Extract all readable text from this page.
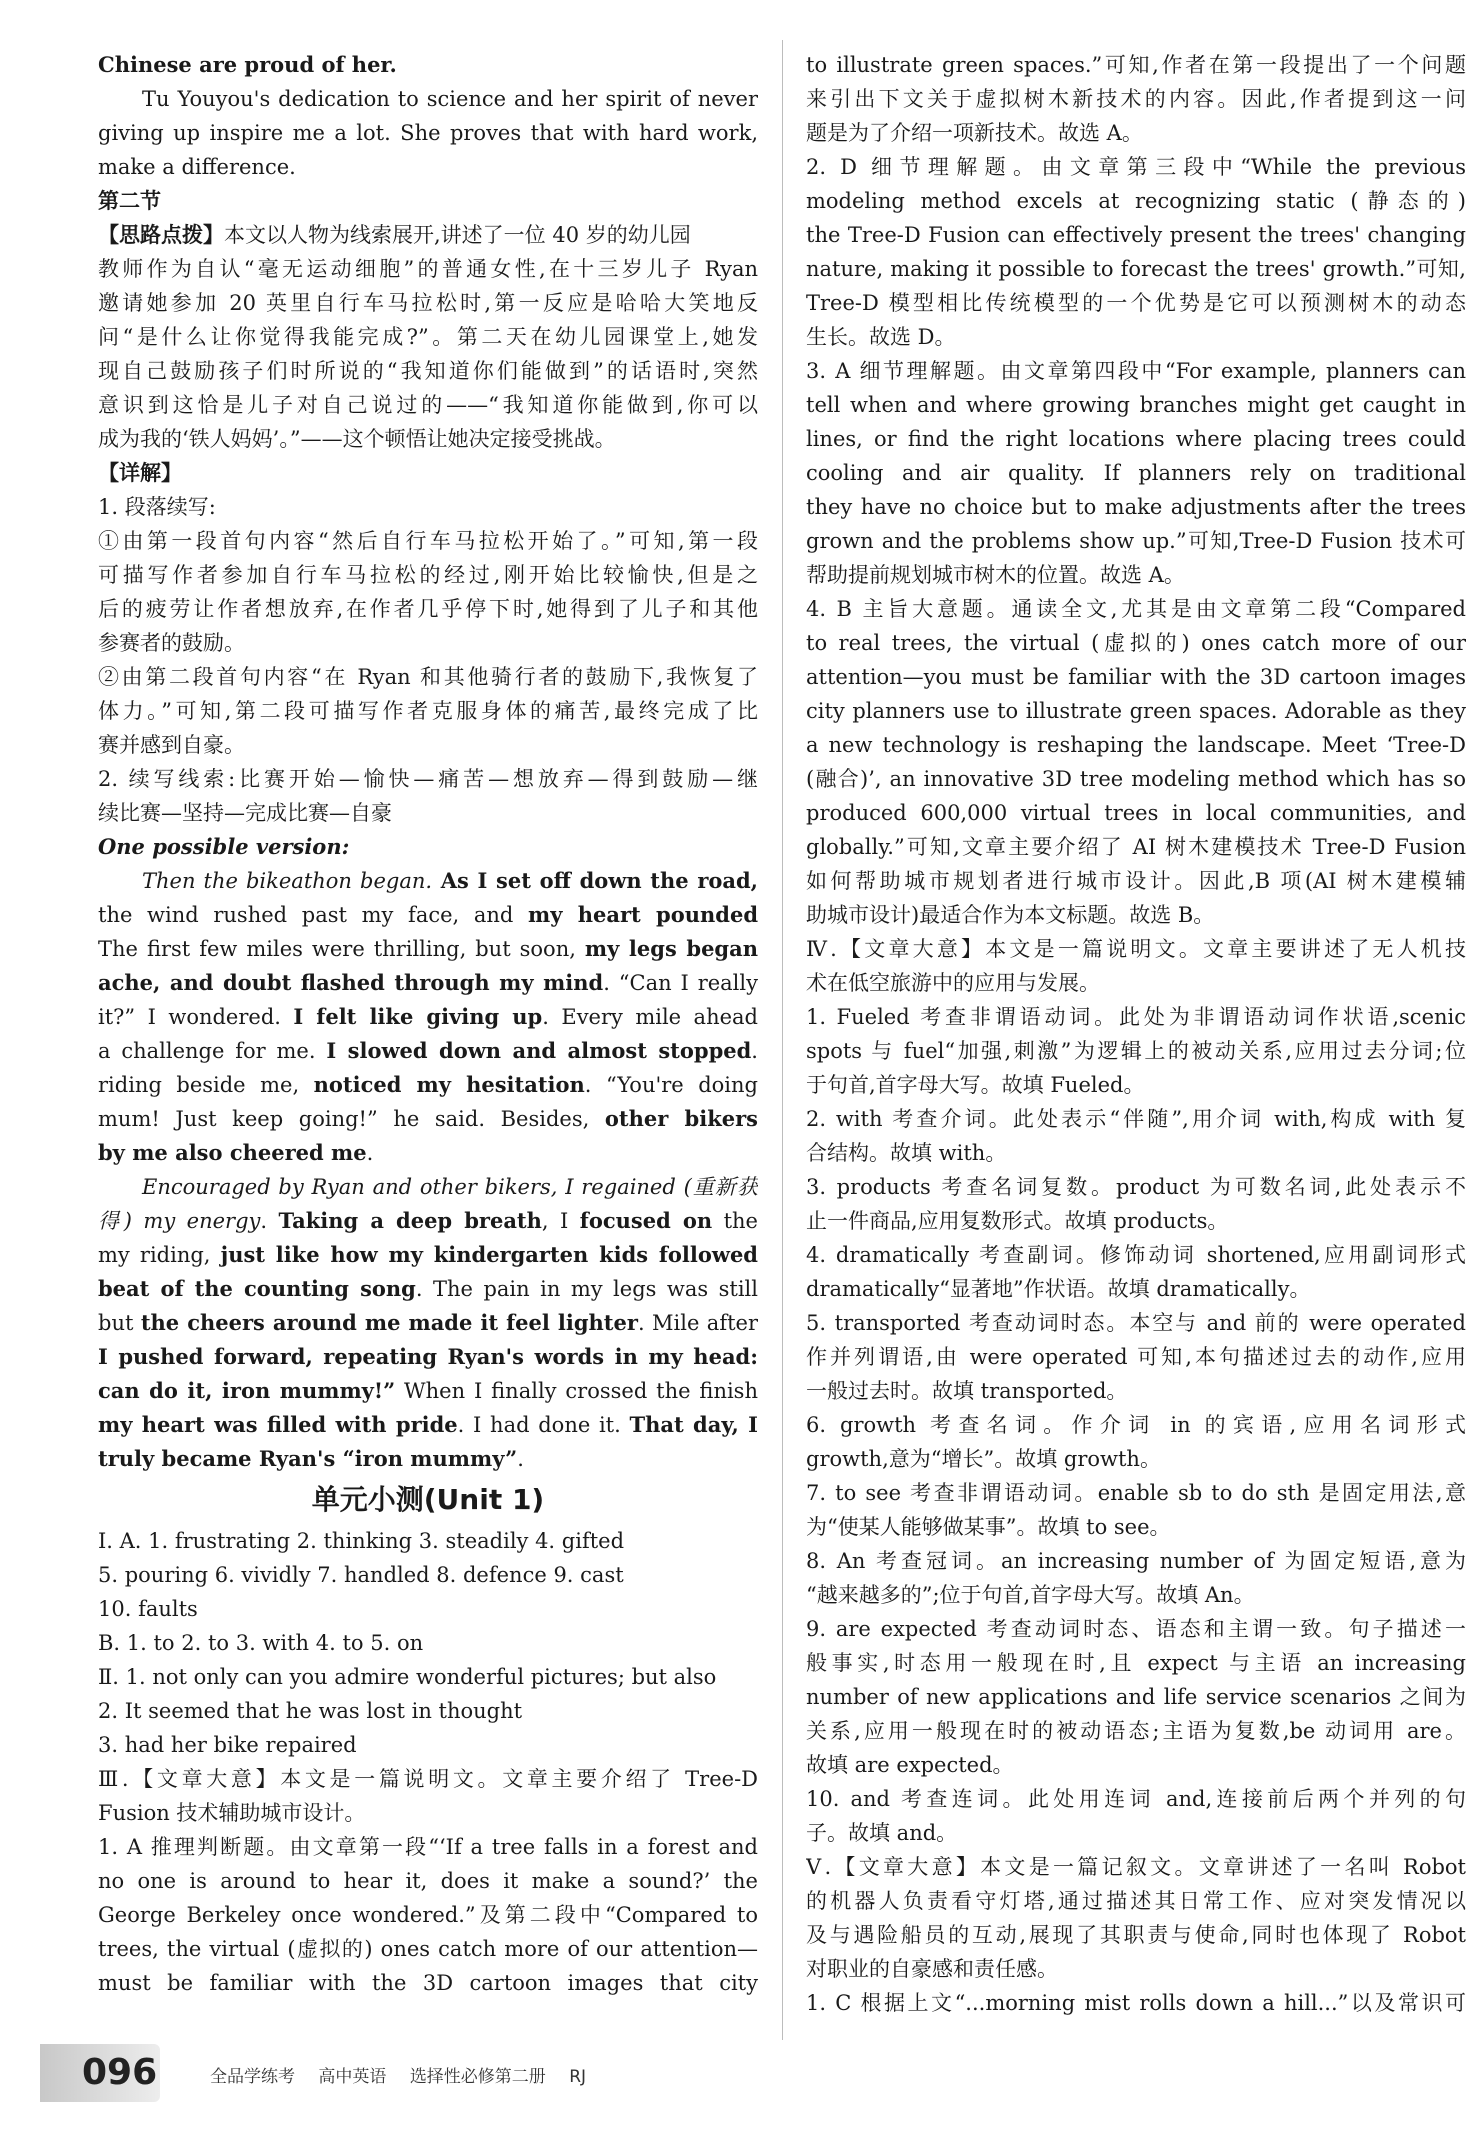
Chinese are proud of her.
Tu Youyou's dedication to science and her spirit of never
giving up inspire me a lot. She proves that with hard work,
make a difference.
第二节
【思路点拨】本文以人物为线索展开,讲述了一位 40 岁的幼儿园
教师作为自认“毫无运动细胞”的普通女性,在十三岁儿子 Ryan
邀请她参加 20 英里自行车马拉松时,第一反应是哈哈大笑地反
问“是什么让你觉得我能完成?”。第二天在幼儿园课堂上,她发
现自己鼓励孩子们时所说的“我知道你们能做到”的话语时,突然
意识到这恰是儿子对自己说过的——“我知道你能做到,你可以
成为我的‘铁人妈妈’。”——这个顿悟让她决定接受挑战。
【详解】
1. 段落续写:
①由第一段首句内容“然后自行车马拉松开始了。”可知,第一段
可描写作者参加自行车马拉松的经过,刚开始比较愉快,但是之
后的疲劳让作者想放弃,在作者几乎停下时,她得到了儿子和其他
参赛者的鼓励。
②由第二段首句内容“在 Ryan 和其他骑行者的鼓励下,我恢复了
体力。”可知,第二段可描写作者克服身体的痛苦,最终完成了比
赛并感到自豪。
2. 续写线索:比赛开始—愉快—痛苦—想放弃—得到鼓励—继
续比赛—坚持—完成比赛—自豪
One possible version:
Then the bikeathon began. As I set off down the road,
the wind rushed past my face, and my heart pounded
The first few miles were thrilling, but soon, my legs began
ache, and doubt flashed through my mind. “Can I really
it?” I wondered. I felt like giving up. Every mile ahead
a challenge for me. I slowed down and almost stopped.
riding beside me, noticed my hesitation. “You're doing
mum! Just keep going!” he said. Besides, other bikers
by me also cheered me.
Encouraged by Ryan and other bikers, I regained (重新获
得) my energy. Taking a deep breath, I focused on the
my riding, just like how my kindergarten kids followed
beat of the counting song. The pain in my legs was still
but the cheers around me made it feel lighter. Mile after
I pushed forward, repeating Ryan's words in my head:
can do it, iron mummy!” When I finally crossed the finish
my heart was filled with pride. I had done it. That day, I
truly became Ryan's “iron mummy”.
单元小测(Unit 1)
Ⅰ. A. 1. frustrating 2. thinking 3. steadily 4. gifted
5. pouring 6. vividly 7. handled 8. defence 9. cast
10. faults
B. 1. to 2. to 3. with 4. to 5. on
Ⅱ. 1. not only can you admire wonderful pictures; but also
2. It seemed that he was lost in thought
3. had her bike repaired
Ⅲ.【文章大意】本文是一篇说明文。文章主要介绍了 Tree-D
Fusion 技术辅助城市设计。
1. A 推理判断题。由文章第一段“‘If a tree falls in a forest and
no one is around to hear it, does it make a sound?’ the
George Berkeley once wondered.”及第二段中“Compared to
trees, the virtual (虚拟的) ones catch more of our attention—
must be familiar with the 3D cartoon images that city
to illustrate green spaces.”可知,作者在第一段提出了一个问题
来引出下文关于虚拟树木新技术的内容。因此,作者提到这一问
题是为了介绍一项新技术。故选 A。
2. D 细节理解题。由文章第三段中“While the previous
modeling method excels at recognizing static (静态的)
the Tree-D Fusion can effectively present the trees' changing
nature, making it possible to forecast the trees' growth.”可知,
Tree-D 模型相比传统模型的一个优势是它可以预测树木的动态
生长。故选 D。
3. A 细节理解题。由文章第四段中“For example, planners can
tell when and where growing branches might get caught in
lines, or find the right locations where placing trees could
cooling and air quality. If planners rely on traditional
they have no choice but to make adjustments after the trees
grown and the problems show up.”可知,Tree-D Fusion 技术可
帮助提前规划城市树木的位置。故选 A。
4. B 主旨大意题。通读全文,尤其是由文章第二段“Compared
to real trees, the virtual (虚拟的) ones catch more of our
attention—you must be familiar with the 3D cartoon images
city planners use to illustrate green spaces. Adorable as they
a new technology is reshaping the landscape. Meet ‘Tree-D
(融合)’, an innovative 3D tree modeling method which has so
produced 600,000 virtual trees in local communities, and
globally.”可知,文章主要介绍了 AI 树木建模技术 Tree-D Fusion
如何帮助城市规划者进行城市设计。因此,B 项(AI 树木建模辅
助城市设计)最适合作为本文标题。故选 B。
Ⅳ.【文章大意】本文是一篇说明文。文章主要讲述了无人机技
术在低空旅游中的应用与发展。
1. Fueled 考查非谓语动词。此处为非谓语动词作状语,scenic
spots 与 fuel“加强,刺激”为逻辑上的被动关系,应用过去分词;位
于句首,首字母大写。故填 Fueled。
2. with 考查介词。此处表示“伴随”,用介词 with,构成 with 复
合结构。故填 with。
3. products 考查名词复数。product 为可数名词,此处表示不
止一件商品,应用复数形式。故填 products。
4. dramatically 考查副词。修饰动词 shortened,应用副词形式
dramatically“显著地”作状语。故填 dramatically。
5. transported 考查动词时态。本空与 and 前的 were operated
作并列谓语,由 were operated 可知,本句描述过去的动作,应用
一般过去时。故填 transported。
6. growth 考查名词。作介词 in 的宾语,应用名词形式
growth,意为“增长”。故填 growth。
7. to see 考查非谓语动词。enable sb to do sth 是固定用法,意
为“使某人能够做某事”。故填 to see。
8. An 考查冠词。an increasing number of 为固定短语,意为
“越来越多的”;位于句首,首字母大写。故填 An。
9. are expected 考查动词时态、语态和主谓一致。句子描述一
般事实,时态用一般现在时,且 expect 与主语 an increasing
number of new applications and life service scenarios 之间为
关系,应用一般现在时的被动语态;主语为复数,be 动词用 are。
故填 are expected。
10. and 考查连词。此处用连词 and,连接前后两个并列的句
子。故填 and。
Ⅴ.【文章大意】本文是一篇记叙文。文章讲述了一名叫 Robot
的机器人负责看守灯塔,通过描述其日常工作、应对突发情况以
及与遇险船员的互动,展现了其职责与使命,同时也体现了 Robot
对职业的自豪感和责任感。
1. C 根据上文“...morning mist rolls down a hill...”以及常识可
096	全品学练考 高中英语 选择性必修第二册 RJ
